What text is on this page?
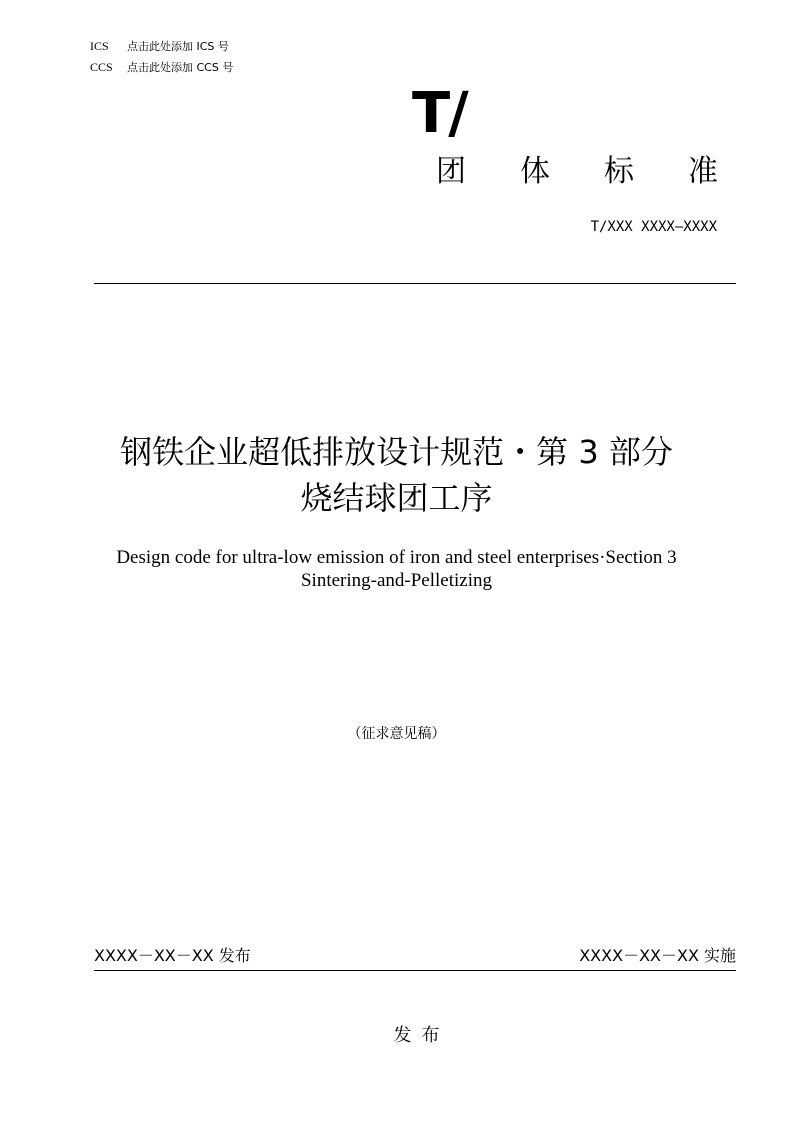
ICS 点击此处添加 ICS 号
CCS 点击此处添加 CCS 号
T/
团体标准
T/XXX XXXX—XXXX
钢铁企业超低排放设计规范・第 3 部分
烧结球团工序
Design code for ultra-low emission of iron and steel enterprises·Section 3
Sintering-and-Pelletizing
（征求意见稿）
XXXX－XX－XX 发布	XXXX－XX－XX 实施
发布
